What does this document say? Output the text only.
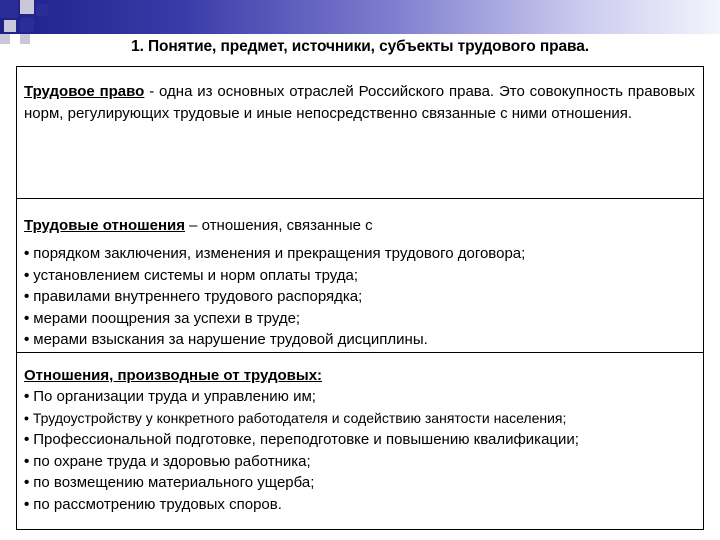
1. Понятие, предмет, источники, субъекты трудового права.

Трудовое право - одна из основных отраслей Российского права. Это совокупность правовых норм, регулирующих трудовые и иные непосредственно связанные с ними отношения.

Трудовые отношения – отношения, связанные с

• порядком заключения, изменения и прекращения трудового договора;
• установлением системы и норм оплаты труда;
• правилами внутреннего трудового распорядка;
• мерами поощрения за успехи в труде;
• мерами взыскания за нарушение трудовой дисциплины.

Отношения, производные от трудовых:

• По организации труда и управлению им;
• Трудоустройству у конкретного работодателя и содействию занятости населения;
• Профессиональной подготовке, переподготовке и повышению квалификации;
• по охране труда и здоровью работника;
• по возмещению материального ущерба;
• по рассмотрению трудовых споров.
